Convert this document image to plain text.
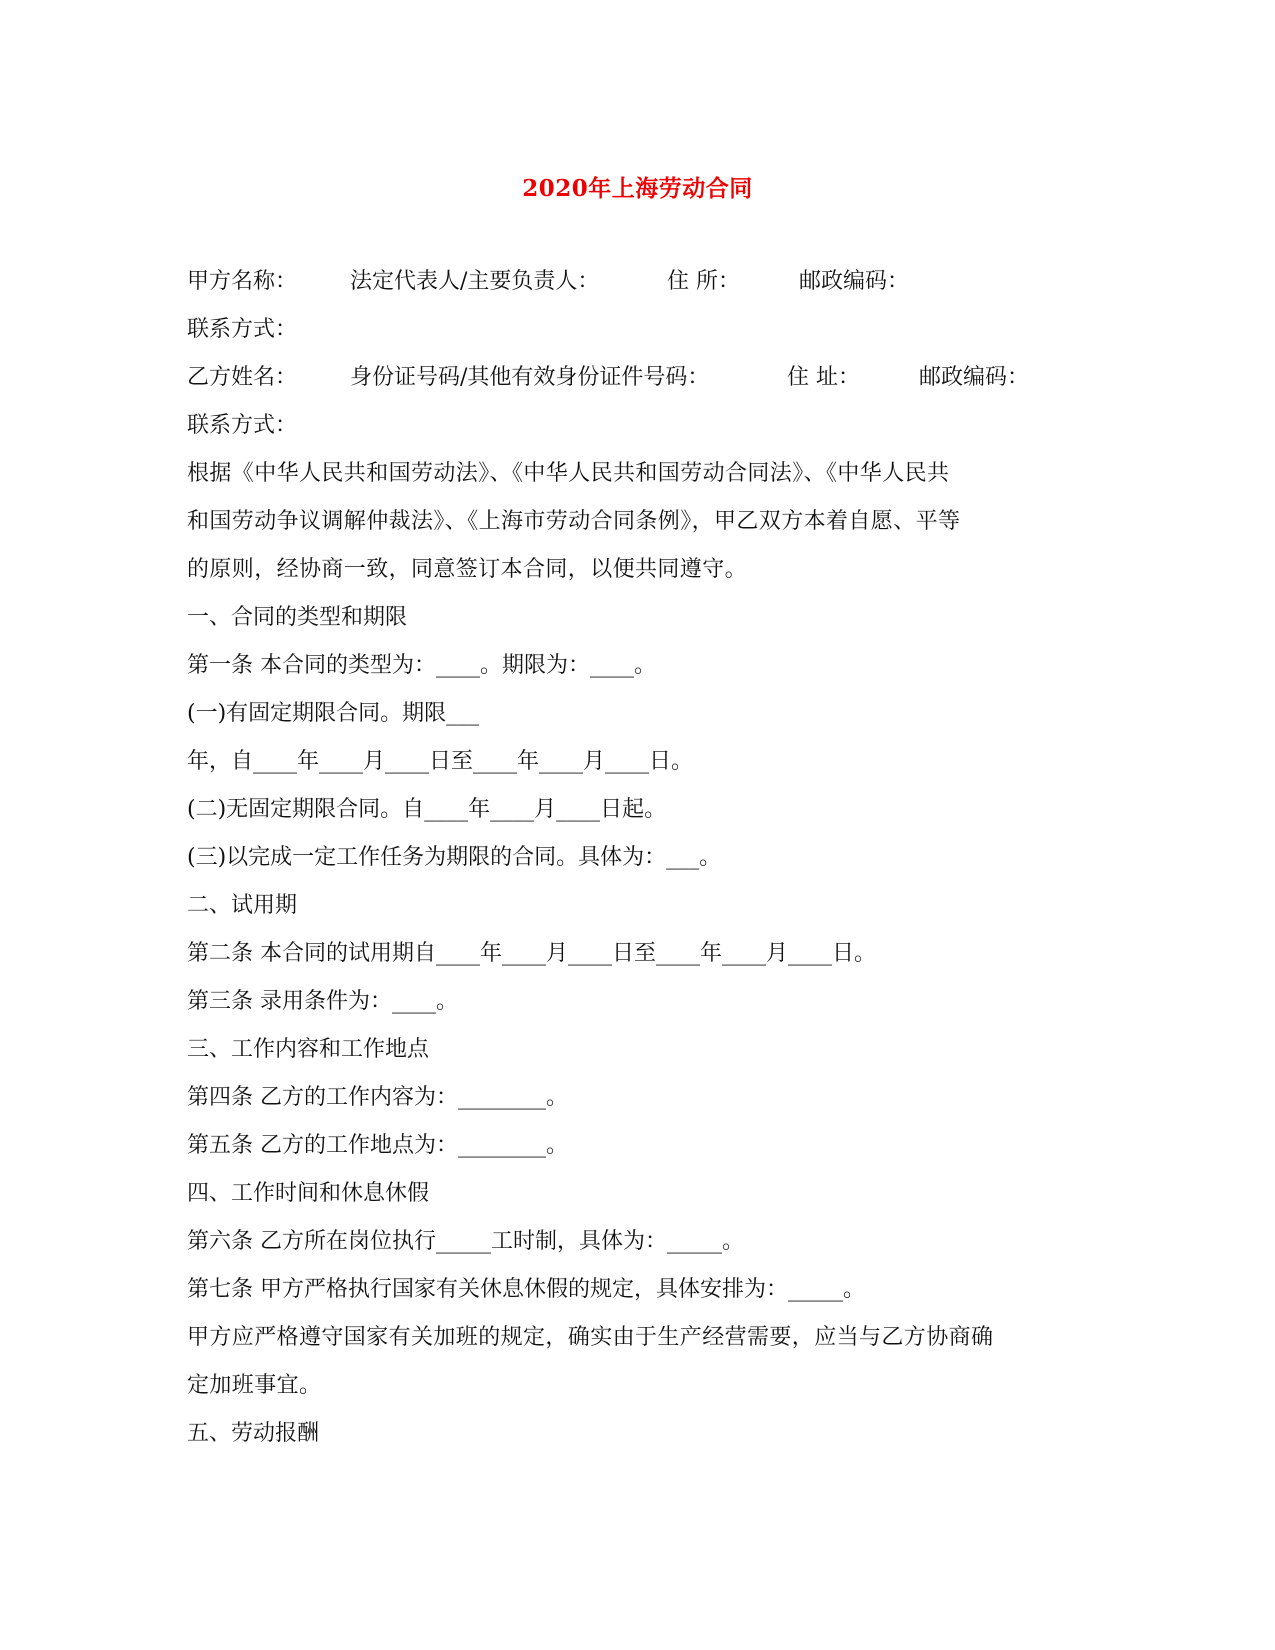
2020年上海劳动合同
甲方名称： 法定代表人/主要负责人：	住 所：	邮政编码：
联系方式：
乙方姓名： 身份证号码/其他有效身份证件号码：	住 址：	邮政编码：
联系方式：
根据《中华人民共和国劳动法》、《中华人民共和国劳动合同法》、《中华人民共
和国劳动争议调解仲裁法》、《上海市劳动合同条例》，甲乙双方本着自愿、平等
的原则，经协商一致，同意签订本合同，以便共同遵守。
一、合同的类型和期限
第一条 本合同的类型为：____。期限为：____。
(一)有固定期限合同。期限___
年，自____年____月____日至____年____月____日。
(二)无固定期限合同。自____年____月____日起。
(三)以完成一定工作任务为期限的合同。具体为：___。
二、试用期
第二条 本合同的试用期自____年____月____日至____年____月____日。
第三条 录用条件为：____。
三、工作内容和工作地点
第四条 乙方的工作内容为：________。
第五条 乙方的工作地点为：________。
四、工作时间和休息休假
第六条 乙方所在岗位执行_____工时制，具体为：_____。
第七条 甲方严格执行国家有关休息休假的规定，具体安排为：_____。
甲方应严格遵守国家有关加班的规定，确实由于生产经营需要，应当与乙方协商确
定加班事宜。
五、劳动报酬
